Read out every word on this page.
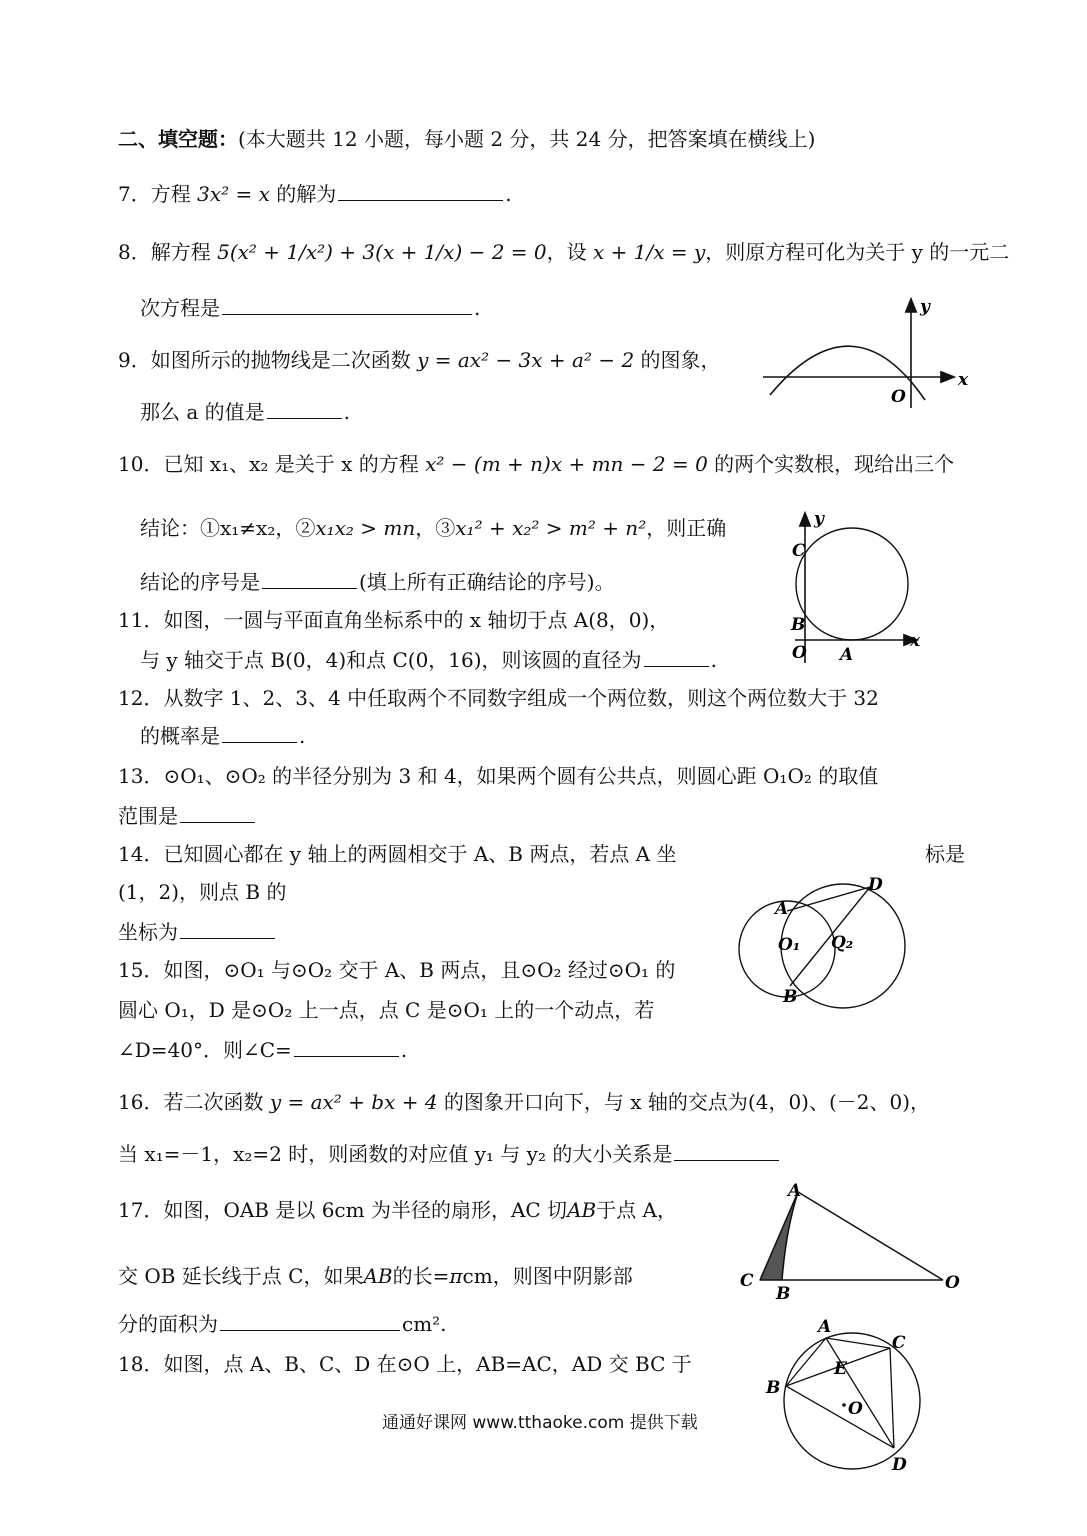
二、填空题：(本大题共 12 小题，每小题 2 分，共 24 分，把答案填在横线上)
7．方程 3x² = x 的解为	.
8．解方程 5(x² + 1/x²) + 3(x + 1/x) − 2 = 0，设 x + 1/x = y，则原方程可化为关于 y 的一元二
次方程是	.
9．如图所示的抛物线是二次函数 y = ax² − 3x + a² − 2 的图象，
那么 a 的值是	.
y
x
O
10．已知 x₁、x₂ 是关于 x 的方程 x² − (m + n)x + mn − 2 = 0 的两个实数根，现给出三个
结论：①x₁≠x₂，②x₁x₂ > mn，③x₁² + x₂² > m² + n²，则正确
结论的序号是	(填上所有正确结论的序号)。
y
x
C
B
O A
11．如图，一圆与平面直角坐标系中的 x 轴切于点 A(8，0)，
与 y 轴交于点 B(0，4)和点 C(0，16)，则该圆的直径为	.
12．从数字 1、2、3、4 中任取两个不同数字组成一个两位数，则这个两位数大于 32
的概率是	.
13．⊙O₁、⊙O₂ 的半径分别为 3 和 4，如果两个圆有公共点，则圆心距 O₁O₂ 的取值
范围是
14．已知圆心都在 y 轴上的两圆相交于 A、B 两点，若点 A 坐	标是
(1，2)，则点 B 的
坐标为
A
D
O₁ Q₂
B
15．如图，⊙O₁ 与⊙O₂ 交于 A、B 两点，且⊙O₂ 经过⊙O₁ 的
圆心 O₁，D 是⊙O₂ 上一点，点 C 是⊙O₁ 上的一个动点，若
∠D=40°．则∠C=	.
16．若二次函数 y = ax² + bx + 4 的图象开口向下，与 x 轴的交点为(4，0)、(－2、0)，
当 x₁=－1，x₂=2 时，则函数的对应值 y₁ 与 y₂ 的大小关系是
17．如图，OAB 是以 6cm 为半径的扇形，AC 切AB于点 A，
交 OB 延长线于点 C，如果AB的长=πcm，则图中阴影部
分的面积为	cm².
A
C
B
O
18．如图，点 A、B、C、D 在⊙O 上，AB=AC，AD 交 BC 于
A
C
E
B
O
D
通通好课网 www.tthaoke.com 提供下载
